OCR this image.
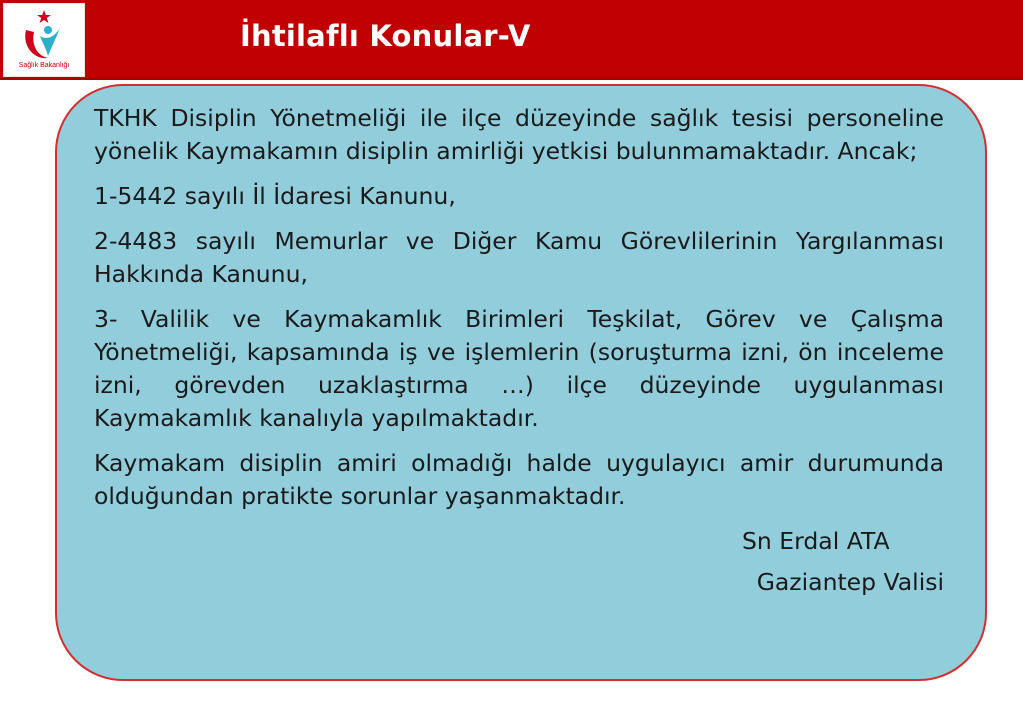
Sağlık Bakanlığı
İhtilaflı Konular-V

TKHK Disiplin Yönetmeliği ile ilçe düzeyinde sağlık tesisi personeline yönelik Kaymakamın disiplin amirliği yetkisi bulunmamaktadır. Ancak;

1-5442 sayılı İl İdaresi Kanunu,

2-4483 sayılı Memurlar ve Diğer Kamu Görevlilerinin Yargılanması Hakkında Kanunu,

3- Valilik ve Kaymakamlık Birimleri Teşkilat, Görev ve Çalışma Yönetmeliği, kapsamında iş ve işlemlerin (soruşturma izni, ön inceleme izni, görevden uzaklaştırma …) ilçe düzeyinde uygulanması Kaymakamlık kanalıyla yapılmaktadır.

Kaymakam disiplin amiri olmadığı halde uygulayıcı amir durumunda olduğundan pratikte sorunlar yaşanmaktadır.

Sn Erdal ATA

Gaziantep Valisi
